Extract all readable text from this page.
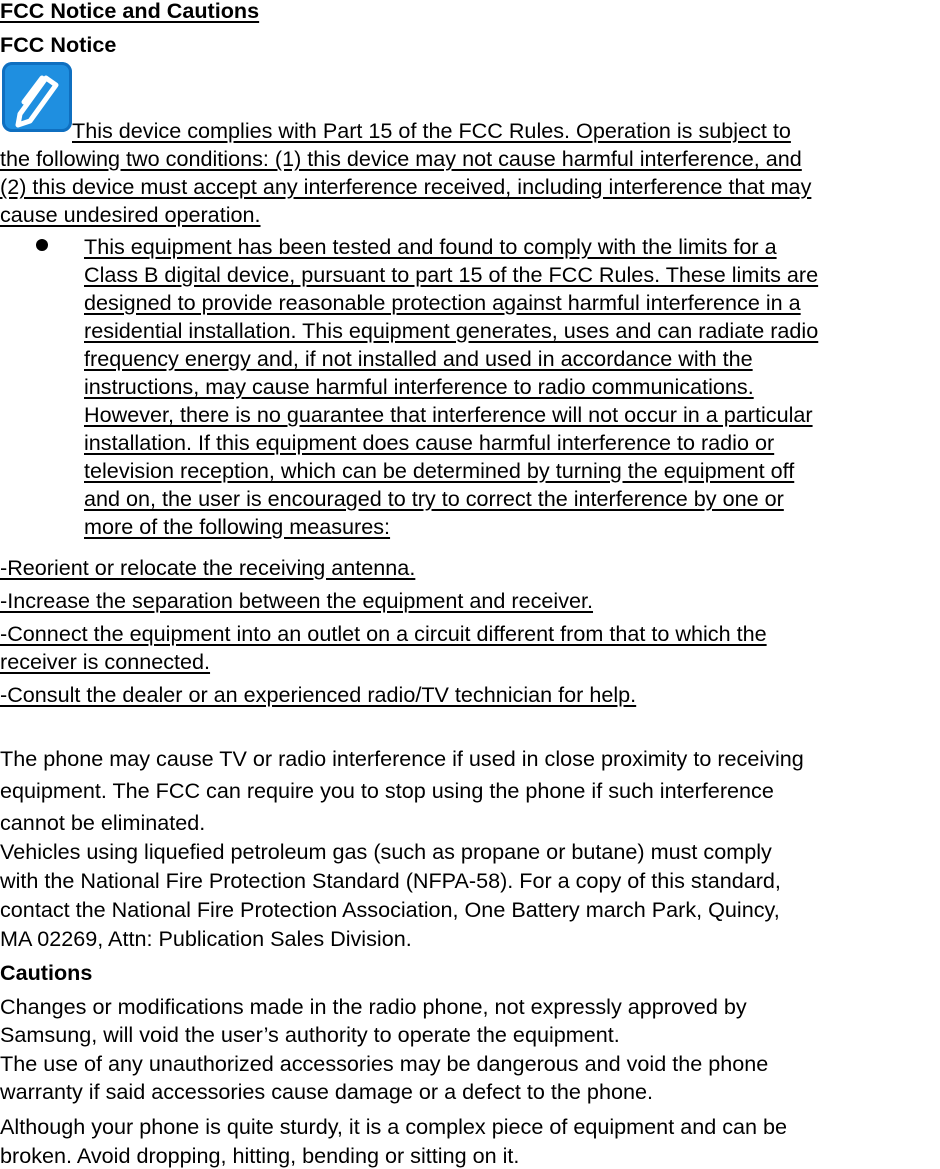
FCC Notice and Cautions
FCC Notice
This device complies with Part 15 of the FCC Rules. Operation is subject to
the following two conditions: (1) this device may not cause harmful interference, and
(2) this device must accept any interference received, including interference that may
cause undesired operation.
This equipment has been tested and found to comply with the limits for a
Class B digital device, pursuant to part 15 of the FCC Rules. These limits are
designed to provide reasonable protection against harmful interference in a
residential installation. This equipment generates, uses and can radiate radio
frequency energy and, if not installed and used in accordance with the
instructions, may cause harmful interference to radio communications.
However, there is no guarantee that interference will not occur in a particular
installation. If this equipment does cause harmful interference to radio or
television reception, which can be determined by turning the equipment off
and on, the user is encouraged to try to correct the interference by one or
more of the following measures:
-Reorient or relocate the receiving antenna.
-Increase the separation between the equipment and receiver.
-Connect the equipment into an outlet on a circuit different from that to which the
receiver is connected.
-Consult the dealer or an experienced radio/TV technician for help.
The phone may cause TV or radio interference if used in close proximity to receiving
equipment. The FCC can require you to stop using the phone if such interference
cannot be eliminated.
Vehicles using liquefied petroleum gas (such as propane or butane) must comply
with the National Fire Protection Standard (NFPA-58). For a copy of this standard,
contact the National Fire Protection Association, One Battery march Park, Quincy,
MA 02269, Attn: Publication Sales Division.
Cautions
Changes or modifications made in the radio phone, not expressly approved by
Samsung, will void the user’s authority to operate the equipment.
The use of any unauthorized accessories may be dangerous and void the phone
warranty if said accessories cause damage or a defect to the phone.
Although your phone is quite sturdy, it is a complex piece of equipment and can be
broken. Avoid dropping, hitting, bending or sitting on it.
